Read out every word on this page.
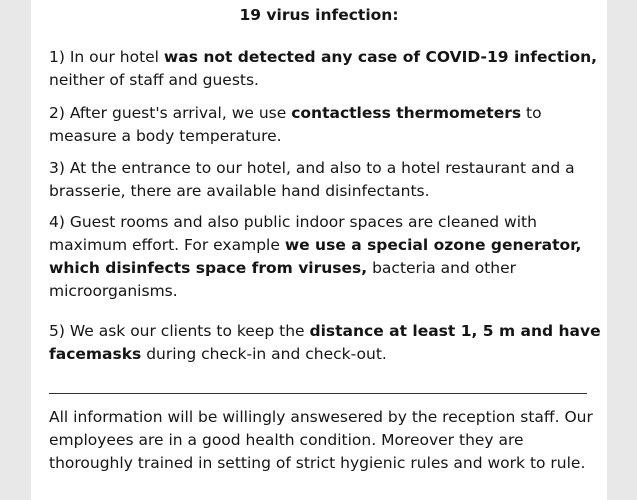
19 virus infection:

1) In our hotel was not detected any case of COVID-19 infection, neither of staff and guests.

2) After guest's arrival, we use contactless thermometers to measure a body temperature.

3) At the entrance to our hotel, and also to a hotel restaurant and a brasserie, there are available hand disinfectants.

4) Guest rooms and also public indoor spaces are cleaned with maximum effort. For example we use a special ozone generator, which disinfects space from viruses, bacteria and other microorganisms.

5) We ask our clients to keep the distance at least 1, 5 m and have facemasks during check-in and check-out.

All information will be willingly answesered by the reception staff. Our employees are in a good health condition. Moreover they are thoroughly trained in setting of strict hygienic rules and work to rule.
